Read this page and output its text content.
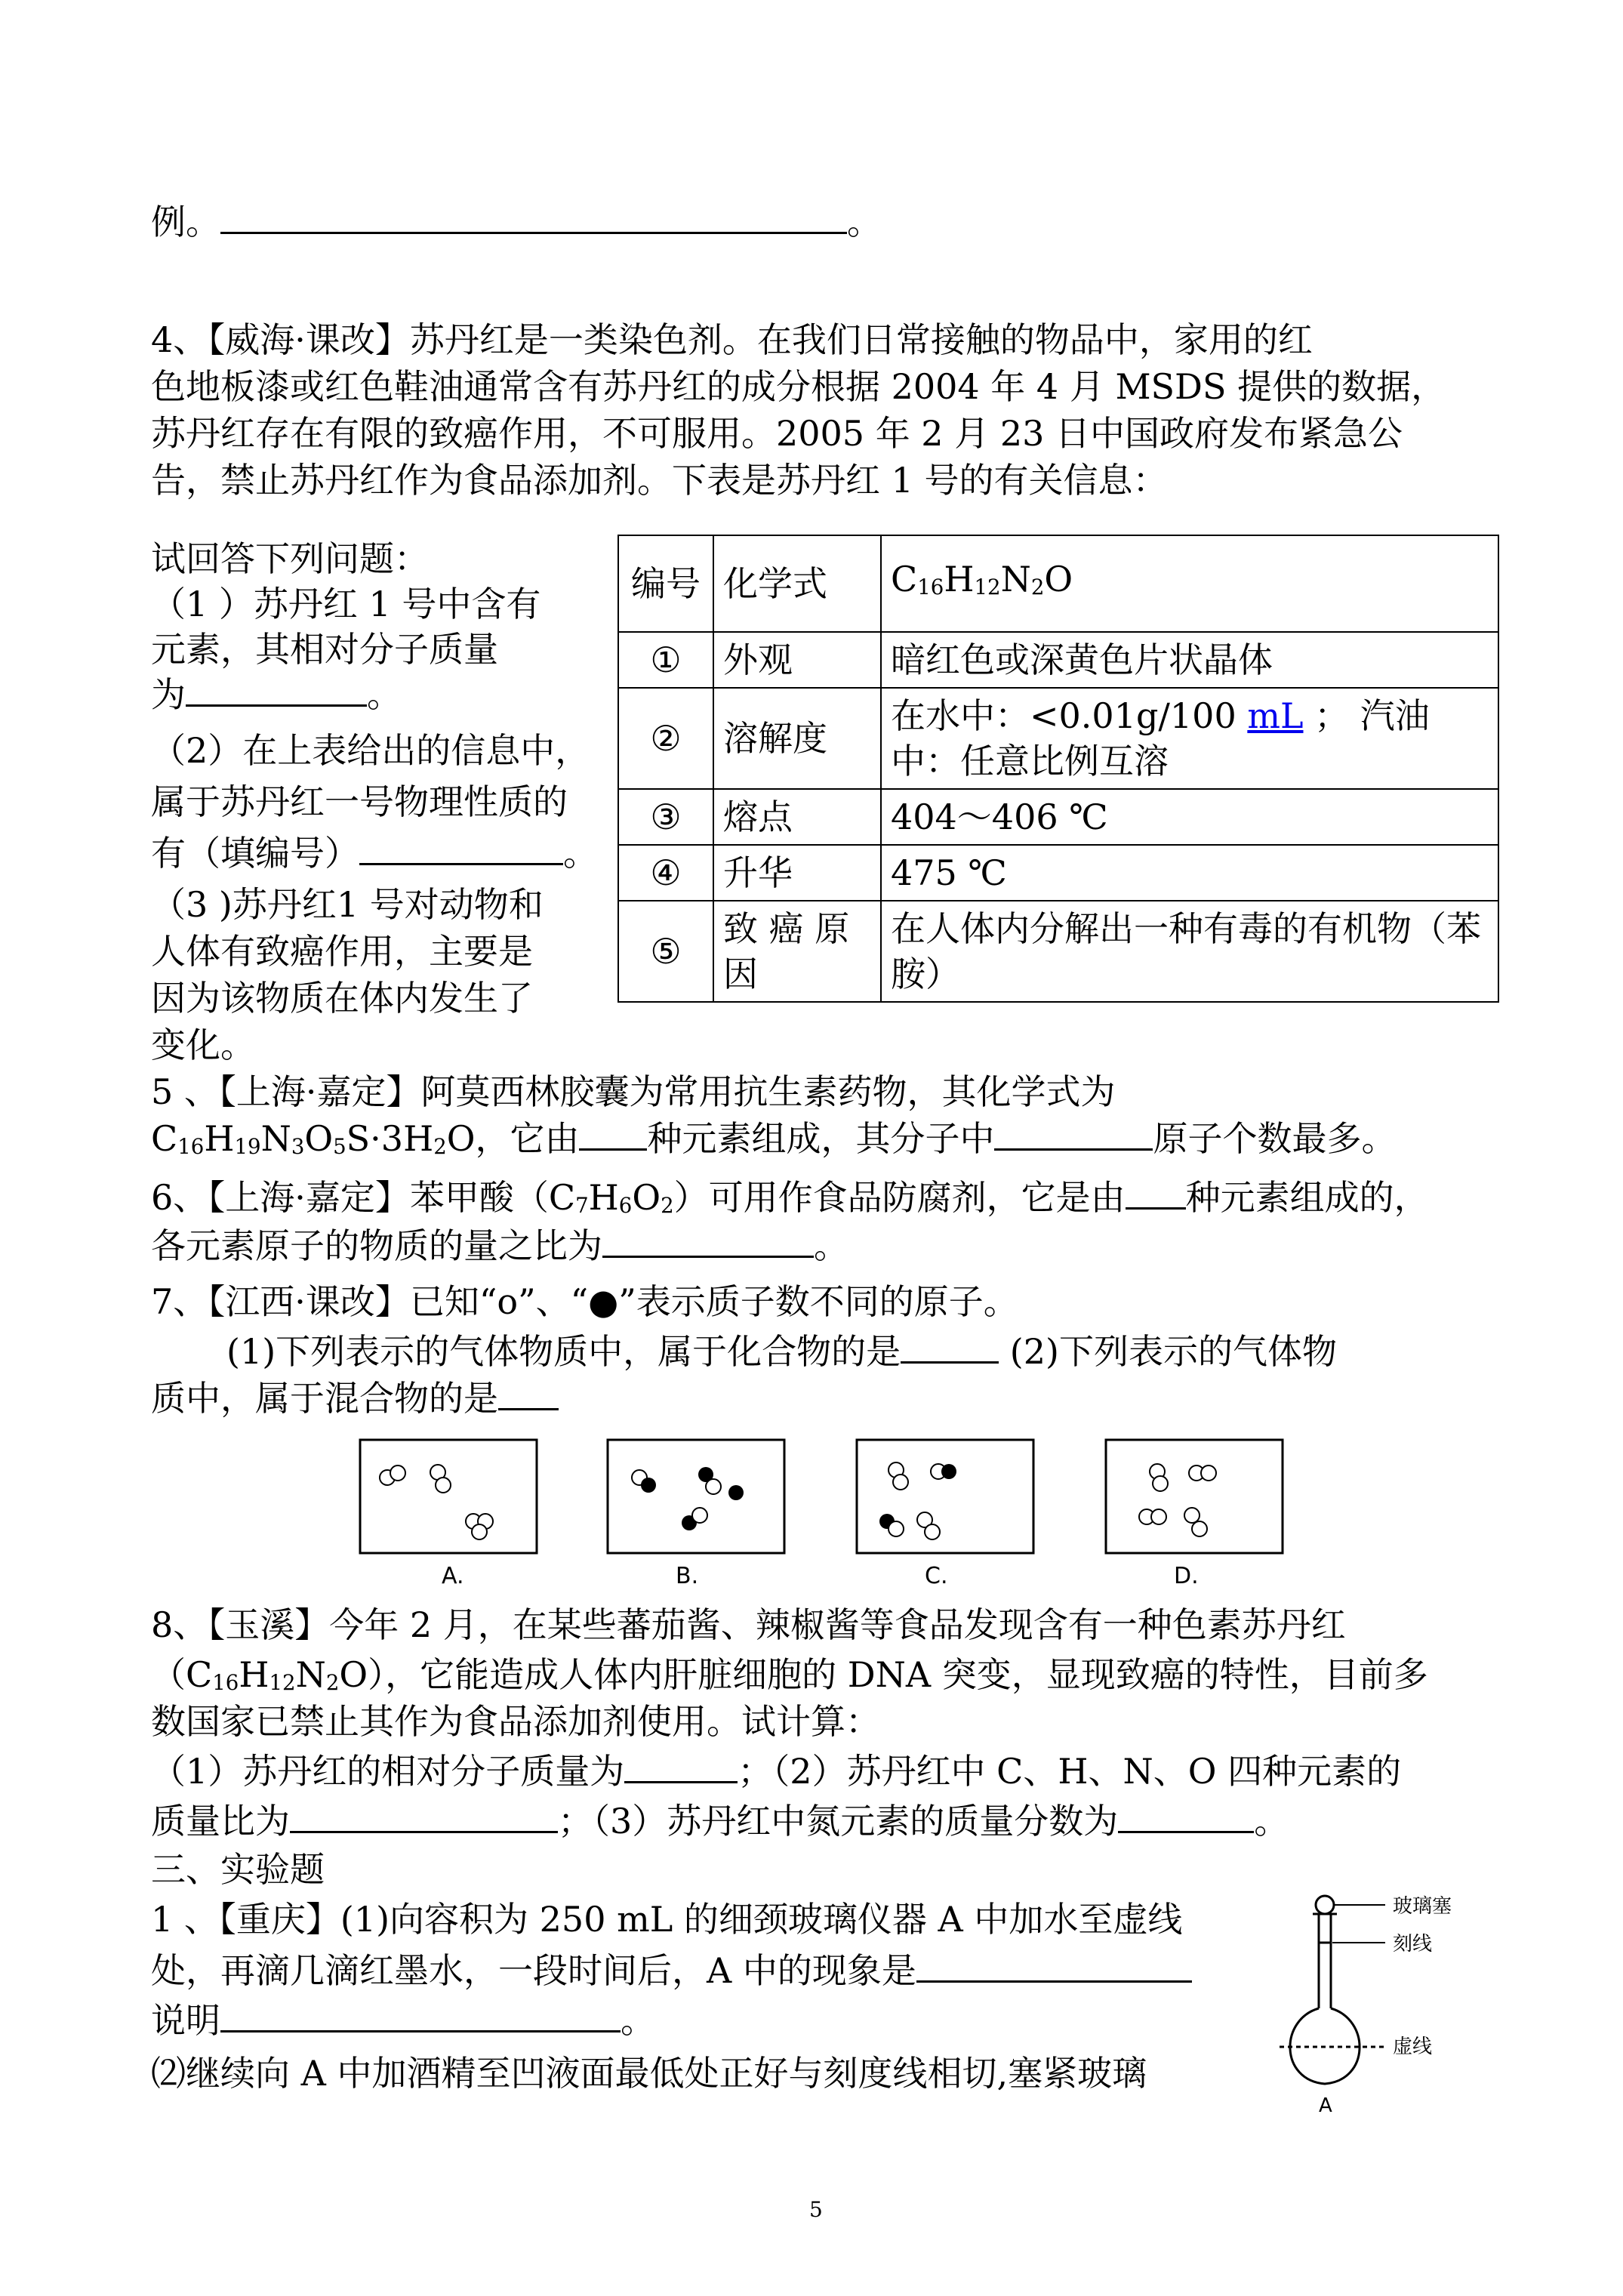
例。	。
4、【威海·课改】苏丹红是一类染色剂。在我们日常接触的物品中，家用的红
色地板漆或红色鞋油通常含有苏丹红的成分根据 2004 年 4 月 MSDS 提供的数据，
苏丹红存在有限的致癌作用，不可服用。2005 年 2 月 23 日中国政府发布紧急公
告，禁止苏丹红作为食品添加剂。下表是苏丹红 1 号的有关信息：
试回答下列问题：
（1 ）苏丹红 1 号中含有
元素，其相对分子质量
为	。
（2）在上表给出的信息中，
属于苏丹红一号物理性质的
有（填编号）	。
（3 )苏丹红1 号对动物和
人体有致癌作用，主要是
因为该物质在体内发生了
变化。
编号	化学式	$C_{16}H_{12}N_2O$
①	外观	暗红色或深黄色片状晶体
②	溶解度	在水中：<0.01g/100 mL ； 汽油
中：任意比例互溶
③	熔点	404～406 ℃
④	升华	475 ℃
⑤	致 癌 原 因	在人体内分解出一种有毒的有机物（苯胺）
5 、【上海·嘉定】阿莫西林胶囊为常用抗生素药物，其化学式为
$C_{16}H_{19}N_3O_5S\cdot 3H_2O$，它由 种元素组成，其分子中	原子个数最多。
6、【上海·嘉定】苯甲酸$(C_7H_6O_2)$可用作食品防腐剂，它是由 种元素组成的，
各元素原子的物质的量之比为	。
7、【江西·课改】已知“o”、“●”表示质子数不同的原子。
(1)下列表示的气体物质中，属于化合物的是	(2)下列表示的气体物
质中，属于混合物的是
A.	B.	C.	D.
8、【玉溪】今年 2 月，在某些蕃茄酱、辣椒酱等食品发现含有一种色素苏丹红
$(C_{16}H_{12}N_2O)$，它能造成人体内肝脏细胞的 DNA 突变，显现致癌的特性，目前多
数国家已禁止其作为食品添加剂使用。试计算：
（1）苏丹红的相对分子质量为	；（2）苏丹红中 C、H、N、O 四种元素的
质量比为	；（3）苏丹红中氮元素的质量分数为	。
三、实验题
1 、【重庆】(1)向容积为 250 mL 的细颈玻璃仪器 A 中加水至虚线
处，再滴几滴红墨水，一段时间后，A 中的现象是
说明	。
⑵继续向 A 中加酒精至凹液面最低处正好与刻度线相切,塞紧玻璃
玻璃塞
刻线
虚线
A
5
